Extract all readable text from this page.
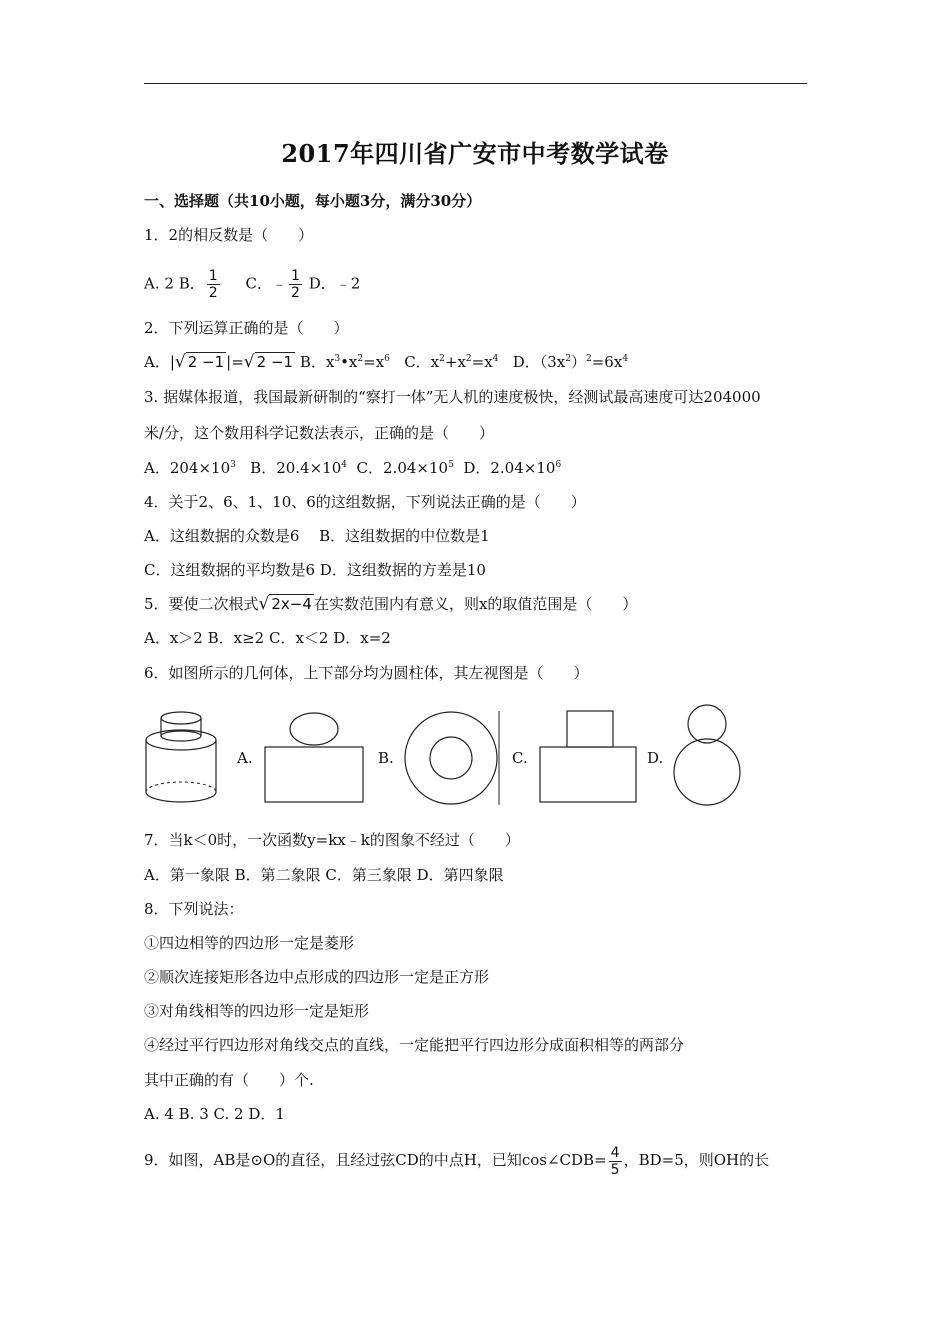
2017年四川省广安市中考数学试卷
一、选择题（共10小题，每小题3分，满分30分）
1．2的相反数是（　　）
A. 2 B． $\frac{1}{2}$ C．﹣ $\frac{1}{2}$ D．﹣2
2．下列运算正确的是（　　）
A．|√ 2 −1 |=√ 2 −1 B．$x^3•x^2=x^6$ C．$x^2+x^2=x^4$ D．$(3x^2)^2=6x^4$
3. 据媒体报道，我国最新研制的“察打一体”无人机的速度极快，经测试最高速度可达204000
米/分，这个数用科学记数法表示，正确的是（　　）
A．$204\times 10^3$ B．$20.4\times 10^4$ C．$2.04\times 10^5$ D．$2.04\times 10^6$
4．关于2、6、1、10、6的这组数据，下列说法正确的是（　　）
A．这组数据的众数是6　 B．这组数据的中位数是1
C．这组数据的平均数是6 D．这组数据的方差是10
5．要使二次根式√ 2x−4 在实数范围内有意义，则x的取值范围是（　　）
A．x＞2 B．x≥2 C．x＜2 D．x=2
6．如图所示的几何体，上下部分均为圆柱体，其左视图是（　　）
A.	B.	C.	D.
7．当k＜0时，一次函数y=kx﹣k的图象不经过（　　）
A．第一象限 B．第二象限 C．第三象限 D．第四象限
8．下列说法：
①四边相等的四边形一定是菱形
②顺次连接矩形各边中点形成的四边形一定是正方形
③对角线相等的四边形一定是矩形
④经过平行四边形对角线交点的直线，一定能把平行四边形分成面积相等的两部分
其中正确的有（　　）个.
A. 4 B. 3 C. 2 D．1
9．如图，AB是⊙O的直径，且经过弦CD的中点H，已知cos∠CDB= $\frac{4}{5}$ ，BD=5，则OH的长
